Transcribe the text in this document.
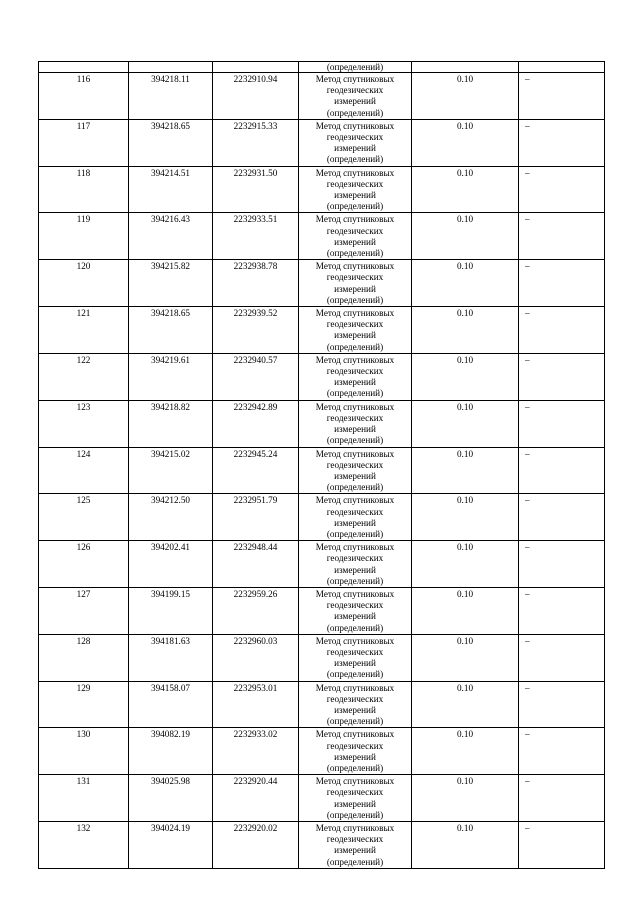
			(определений)		
116	394218.11	2232910.94	Метод спутниковых
геодезических
измерений
(определений)	0.10	–
117	394218.65	2232915.33	Метод спутниковых
геодезических
измерений
(определений)	0.10	–
118	394214.51	2232931.50	Метод спутниковых
геодезических
измерений
(определений)	0.10	–
119	394216.43	2232933.51	Метод спутниковых
геодезических
измерений
(определений)	0.10	–
120	394215.82	2232938.78	Метод спутниковых
геодезических
измерений
(определений)	0.10	–
121	394218.65	2232939.52	Метод спутниковых
геодезических
измерений
(определений)	0.10	–
122	394219.61	2232940.57	Метод спутниковых
геодезических
измерений
(определений)	0.10	–
123	394218.82	2232942.89	Метод спутниковых
геодезических
измерений
(определений)	0.10	–
124	394215.02	2232945.24	Метод спутниковых
геодезических
измерений
(определений)	0.10	–
125	394212.50	2232951.79	Метод спутниковых
геодезических
измерений
(определений)	0.10	–
126	394202.41	2232948.44	Метод спутниковых
геодезических
измерений
(определений)	0.10	–
127	394199.15	2232959.26	Метод спутниковых
геодезических
измерений
(определений)	0.10	–
128	394181.63	2232960.03	Метод спутниковых
геодезических
измерений
(определений)	0.10	–
129	394158.07	2232953.01	Метод спутниковых
геодезических
измерений
(определений)	0.10	–
130	394082.19	2232933.02	Метод спутниковых
геодезических
измерений
(определений)	0.10	–
131	394025.98	2232920.44	Метод спутниковых
геодезических
измерений
(определений)	0.10	–
132	394024.19	2232920.02	Метод спутниковых
геодезических
измерений
(определений)	0.10	–
